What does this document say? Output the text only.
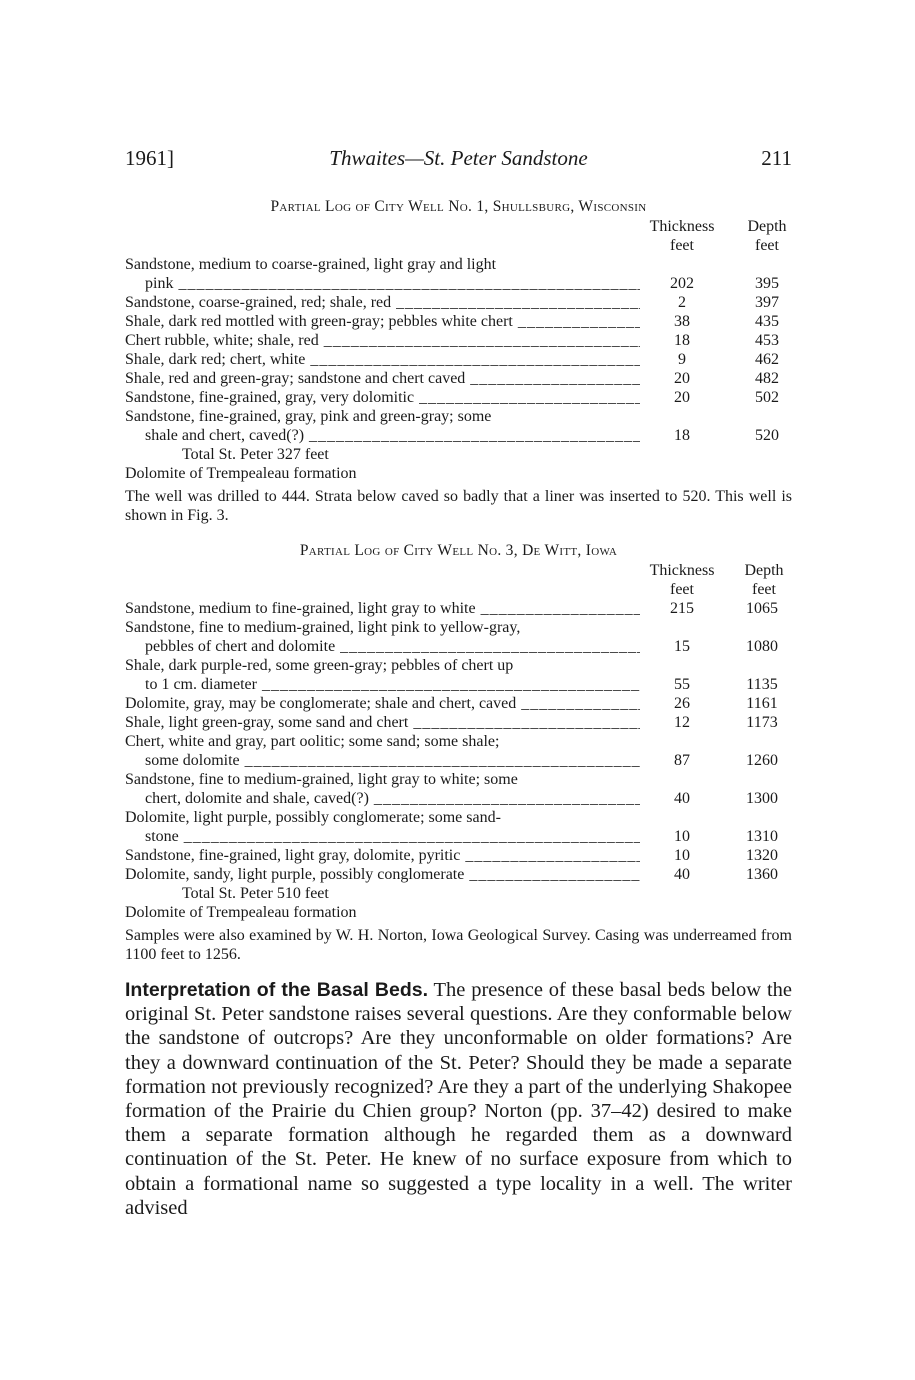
1961]	Thwaites—St. Peter Sandstone	211
Partial Log of City Well No. 1, Shullsburg, Wisconsin
Thickness
feet
Depth
feet
Sandstone, medium to coarse-grained, light gray and light
pink _____	202	395
Sandstone, coarse-grained, red; shale, red _____	2	397
Shale, dark red mottled with green-gray; pebbles white chert _____	38	435
Chert rubble, white; shale, red _____	18	453
Shale, dark red; chert, white _____	9	462
Shale, red and green-gray; sandstone and chert caved _____	20	482
Sandstone, fine-grained, gray, very dolomitic _____	20	502
Sandstone, fine-grained, gray, pink and green-gray; some
shale and chert, caved(?) _____	18	520
Total St. Peter 327 feet
Dolomite of Trempealeau formation
The well was drilled to 444. Strata below caved so badly that a liner was inserted to 520. This well is shown in Fig. 3.
Partial Log of City Well No. 3, De Witt, Iowa
Thickness
feet
Depth
feet
Sandstone, medium to fine-grained, light gray to white _____	215	1065
Sandstone, fine to medium-grained, light pink to yellow-gray,
pebbles of chert and dolomite _____	15	1080
Shale, dark purple-red, some green-gray; pebbles of chert up
to 1 cm. diameter _____	55	1135
Dolomite, gray, may be conglomerate; shale and chert, caved _____	26	1161
Shale, light green-gray, some sand and chert _____	12	1173
Chert, white and gray, part oolitic; some sand; some shale;
some dolomite _____	87	1260
Sandstone, fine to medium-grained, light gray to white; some
chert, dolomite and shale, caved(?) _____	40	1300
Dolomite, light purple, possibly conglomerate; some sand-
stone _____	10	1310
Sandstone, fine-grained, light gray, dolomite, pyritic _____	10	1320
Dolomite, sandy, light purple, possibly conglomerate _____	40	1360
Total St. Peter 510 feet
Dolomite of Trempealeau formation
Samples were also examined by W. H. Norton, Iowa Geological Survey. Casing was underreamed from 1100 feet to 1256.
Interpretation of the Basal Beds. The presence of these basal beds below the original St. Peter sandstone raises several questions. Are they conformable below the sandstone of outcrops? Are they unconformable on older formations? Are they a downward continuation of the St. Peter? Should they be made a separate formation not previously recognized? Are they a part of the underlying Shakopee formation of the Prairie du Chien group? Norton (pp. 37–42) desired to make them a separate formation although he regarded them as a downward continuation of the St. Peter. He knew of no surface exposure from which to obtain a formational name so suggested a type locality in a well. The writer advised
